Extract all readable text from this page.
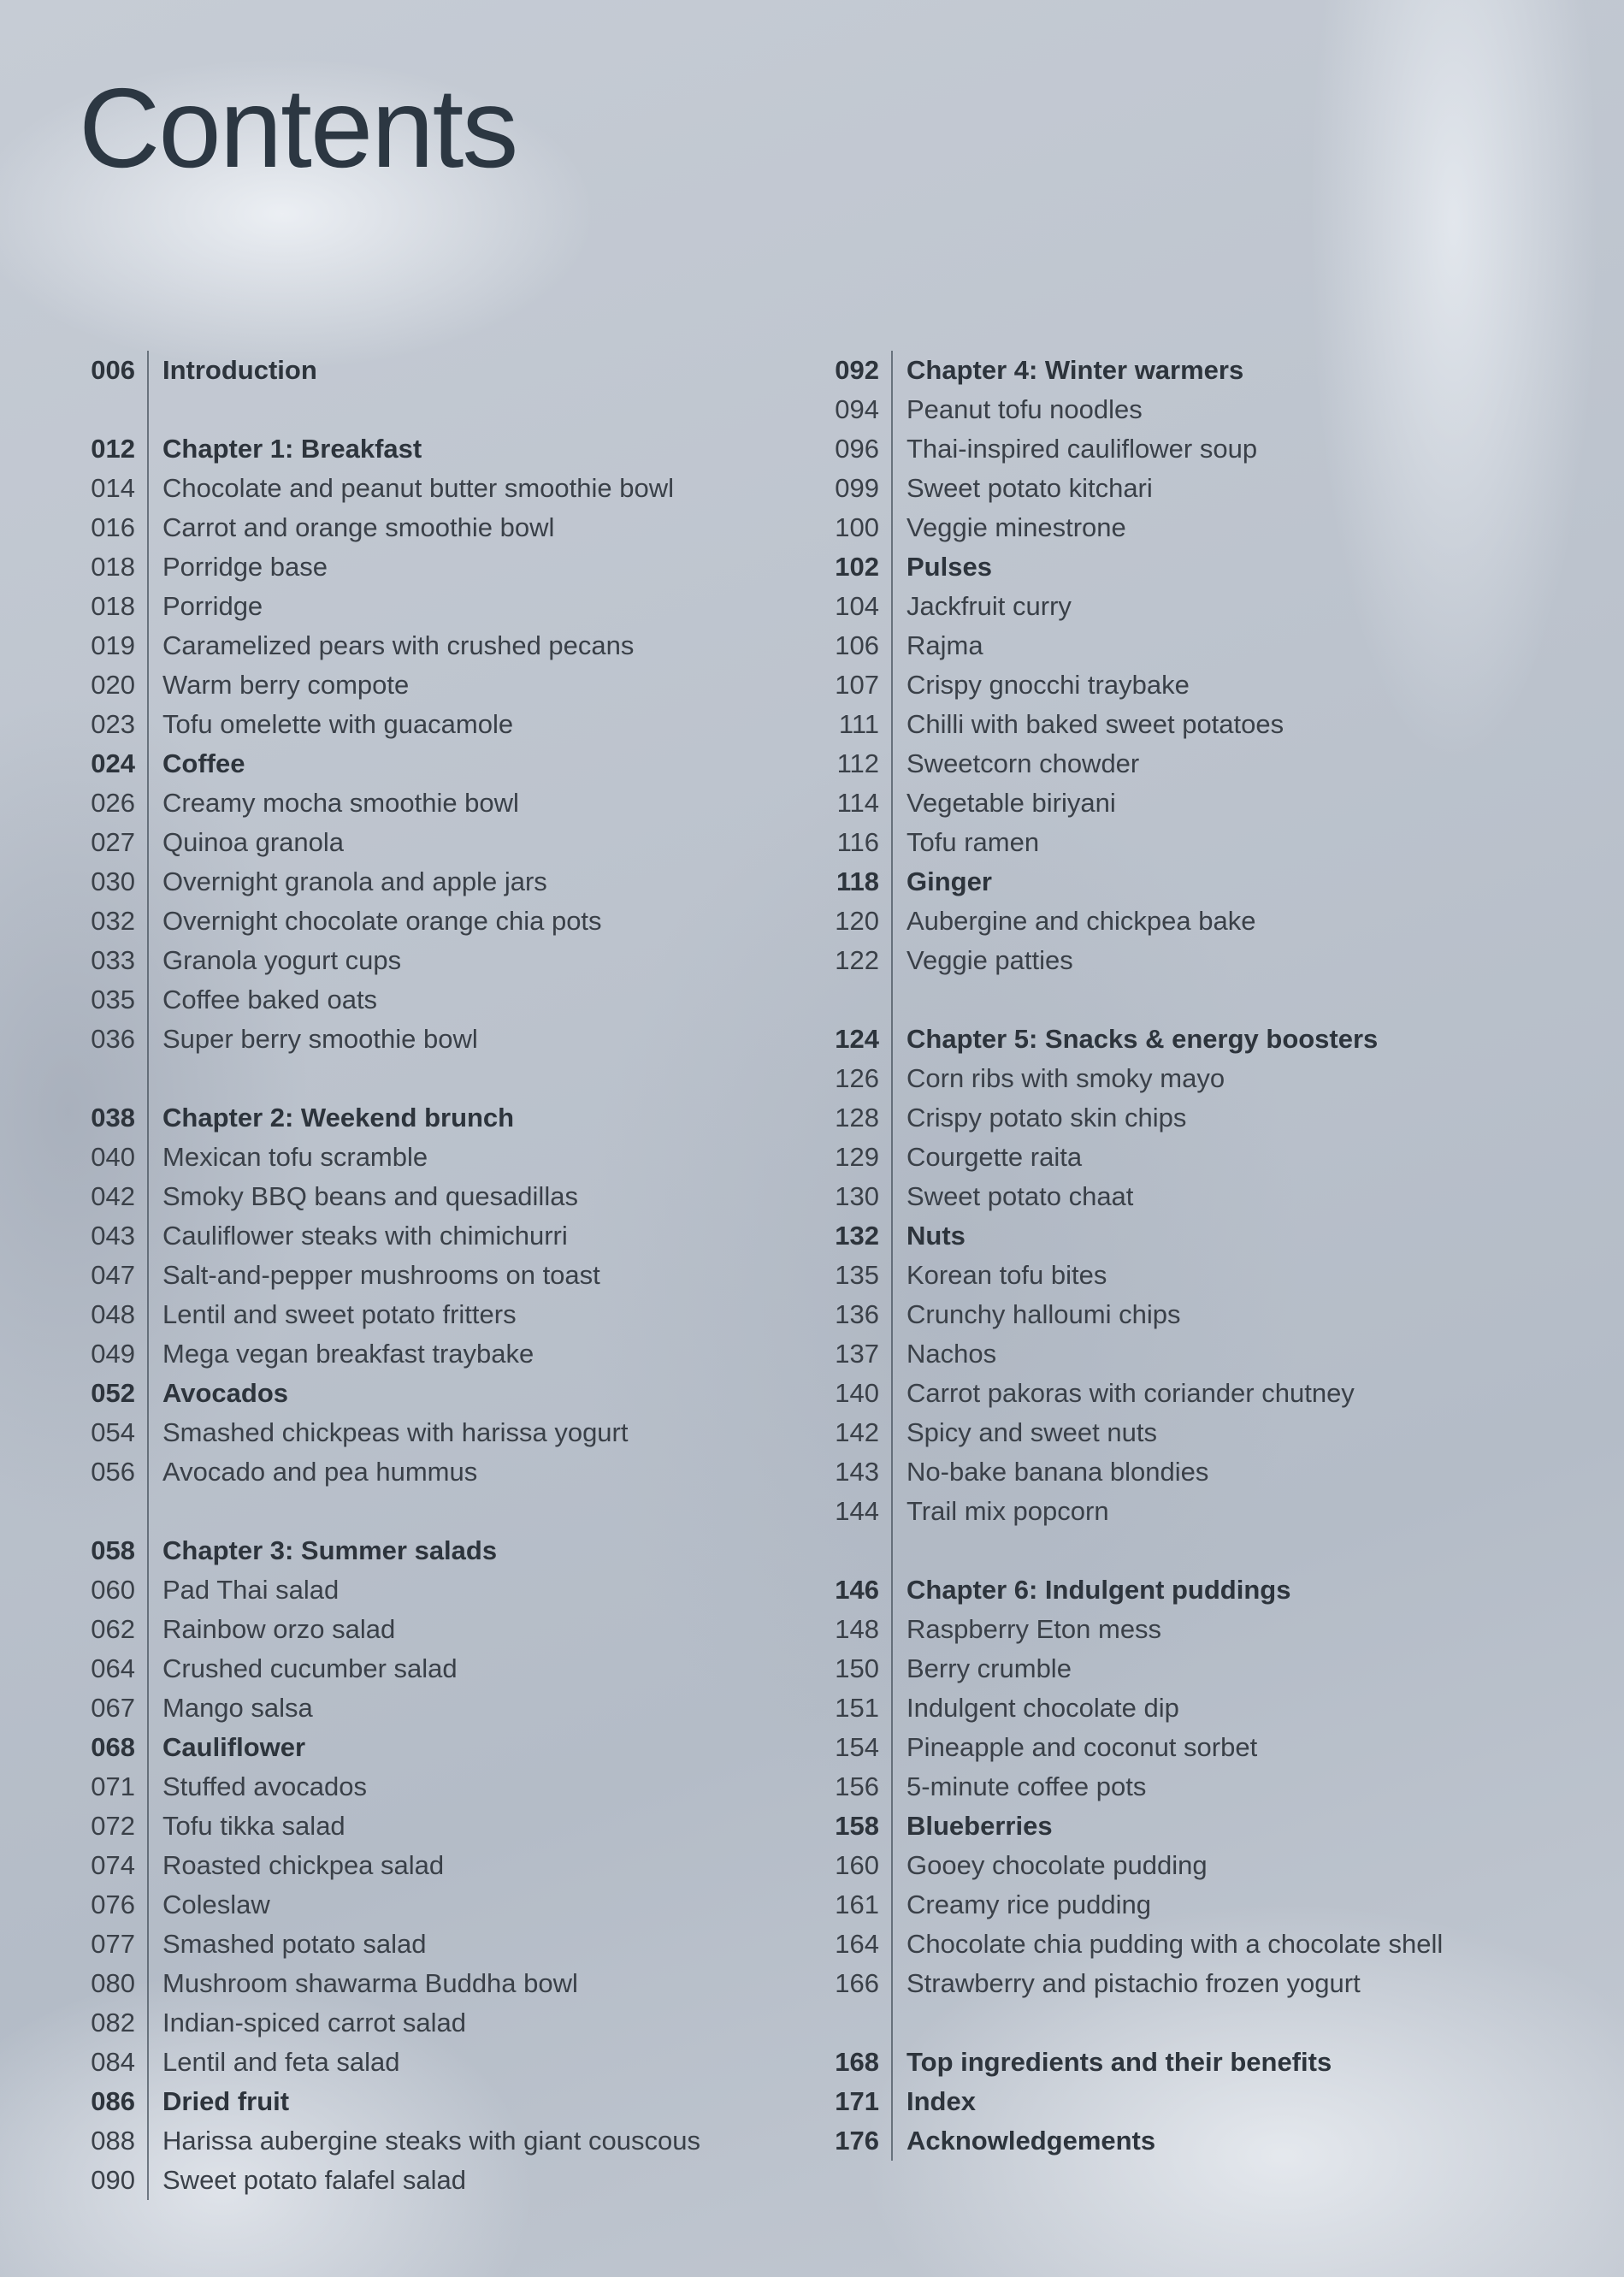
Contents
006 Introduction
012 Chapter 1: Breakfast
014 Chocolate and peanut butter smoothie bowl
016 Carrot and orange smoothie bowl
018 Porridge base
018 Porridge
019 Caramelized pears with crushed pecans
020 Warm berry compote
023 Tofu omelette with guacamole
024 Coffee
026 Creamy mocha smoothie bowl
027 Quinoa granola
030 Overnight granola and apple jars
032 Overnight chocolate orange chia pots
033 Granola yogurt cups
035 Coffee baked oats
036 Super berry smoothie bowl
038 Chapter 2: Weekend brunch
040 Mexican tofu scramble
042 Smoky BBQ beans and quesadillas
043 Cauliflower steaks with chimichurri
047 Salt-and-pepper mushrooms on toast
048 Lentil and sweet potato fritters
049 Mega vegan breakfast traybake
052 Avocados
054 Smashed chickpeas with harissa yogurt
056 Avocado and pea hummus
058 Chapter 3: Summer salads
060 Pad Thai salad
062 Rainbow orzo salad
064 Crushed cucumber salad
067 Mango salsa
068 Cauliflower
071 Stuffed avocados
072 Tofu tikka salad
074 Roasted chickpea salad
076 Coleslaw
077 Smashed potato salad
080 Mushroom shawarma Buddha bowl
082 Indian-spiced carrot salad
084 Lentil and feta salad
086 Dried fruit
088 Harissa aubergine steaks with giant couscous
090 Sweet potato falafel salad
092 Chapter 4: Winter warmers
094 Peanut tofu noodles
096 Thai-inspired cauliflower soup
099 Sweet potato kitchari
100 Veggie minestrone
102 Pulses
104 Jackfruit curry
106 Rajma
107 Crispy gnocchi traybake
111 Chilli with baked sweet potatoes
112 Sweetcorn chowder
114 Vegetable biriyani
116 Tofu ramen
118 Ginger
120 Aubergine and chickpea bake
122 Veggie patties
124 Chapter 5: Snacks & energy boosters
126 Corn ribs with smoky mayo
128 Crispy potato skin chips
129 Courgette raita
130 Sweet potato chaat
132 Nuts
135 Korean tofu bites
136 Crunchy halloumi chips
137 Nachos
140 Carrot pakoras with coriander chutney
142 Spicy and sweet nuts
143 No-bake banana blondies
144 Trail mix popcorn
146 Chapter 6: Indulgent puddings
148 Raspberry Eton mess
150 Berry crumble
151 Indulgent chocolate dip
154 Pineapple and coconut sorbet
156 5-minute coffee pots
158 Blueberries
160 Gooey chocolate pudding
161 Creamy rice pudding
164 Chocolate chia pudding with a chocolate shell
166 Strawberry and pistachio frozen yogurt
168 Top ingredients and their benefits
171 Index
176 Acknowledgements
